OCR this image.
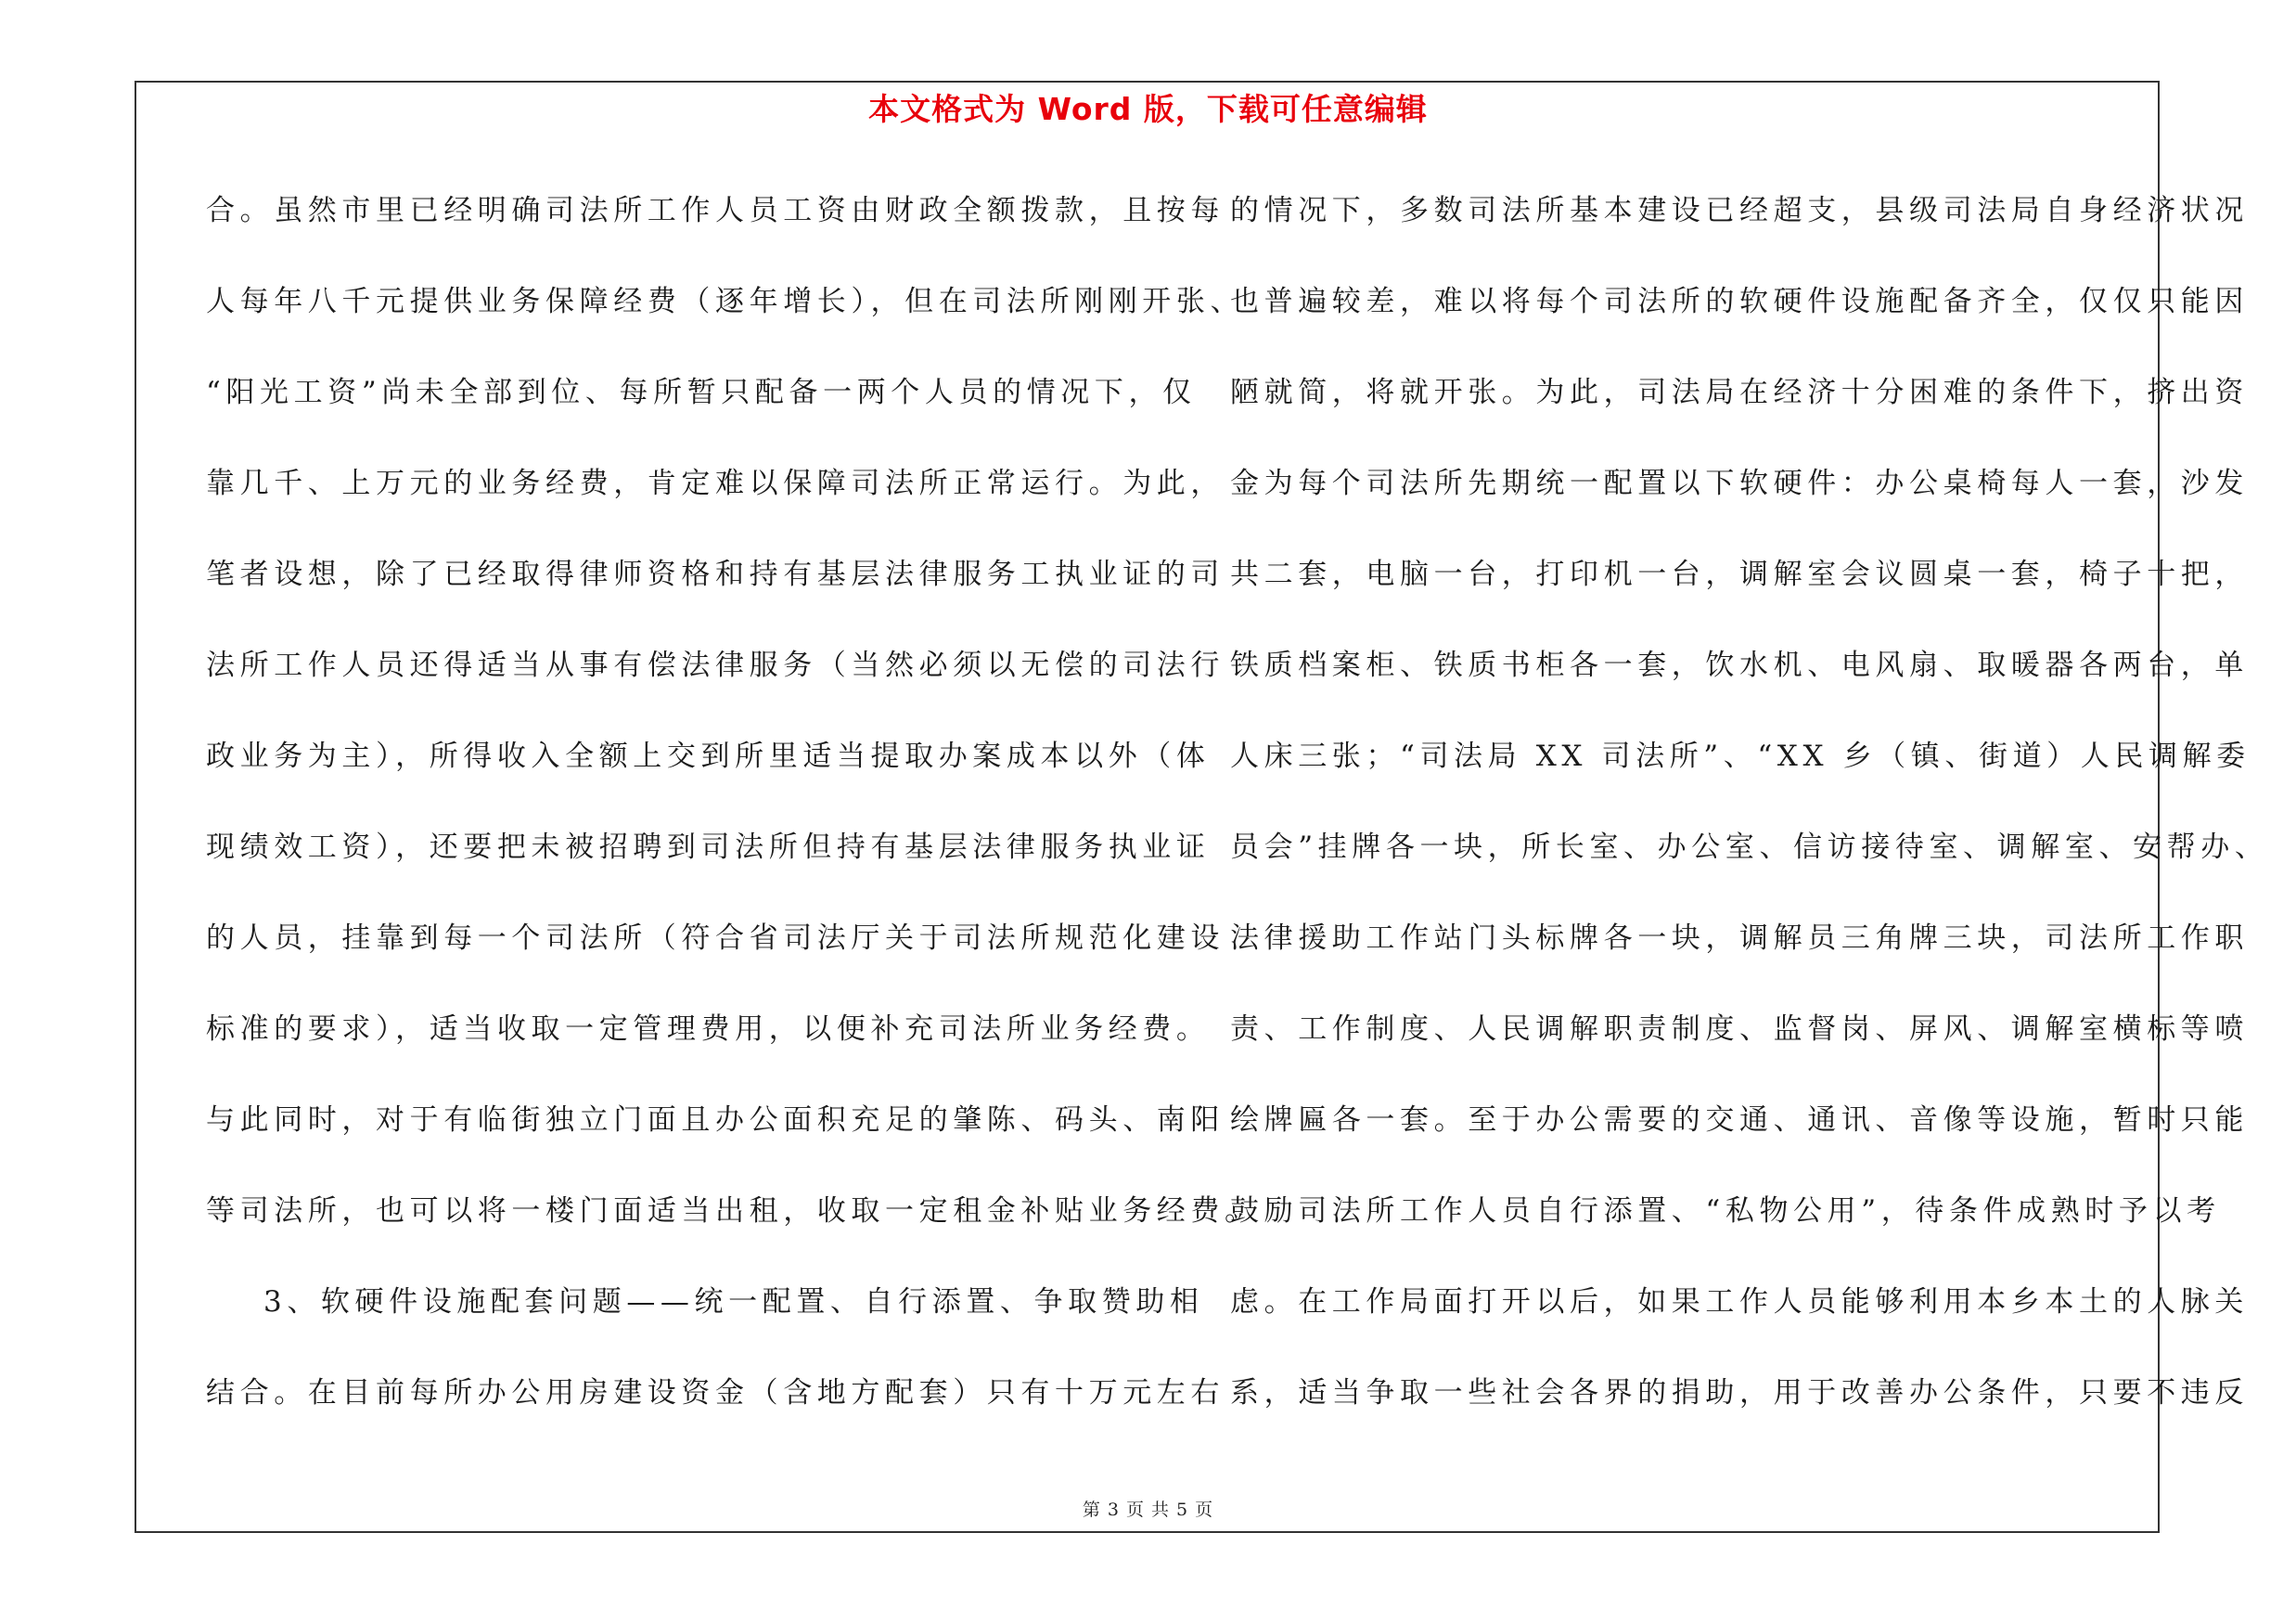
本文格式为 Word 版，下载可任意编辑
合。虽然市里已经明确司法所工作人员工资由财政全额拨款，且按每
人每年八千元提供业务保障经费（逐年增长），但在司法所刚刚开张、
“阳光工资”尚未全部到位、每所暂只配备一两个人员的情况下，仅
靠几千、上万元的业务经费，肯定难以保障司法所正常运行。为此，
笔者设想，除了已经取得律师资格和持有基层法律服务工执业证的司
法所工作人员还得适当从事有偿法律服务（当然必须以无偿的司法行
政业务为主），所得收入全额上交到所里适当提取办案成本以外（体
现绩效工资），还要把未被招聘到司法所但持有基层法律服务执业证
的人员，挂靠到每一个司法所（符合省司法厅关于司法所规范化建设
标准的要求），适当收取一定管理费用，以便补充司法所业务经费。
与此同时，对于有临街独立门面且办公面积充足的肇陈、码头、南阳
等司法所，也可以将一楼门面适当出租，收取一定租金补贴业务经费。
3、软硬件设施配套问题——统一配置、自行添置、争取赞助相
结合。在目前每所办公用房建设资金（含地方配套）只有十万元左右
的情况下，多数司法所基本建设已经超支，县级司法局自身经济状况
也普遍较差，难以将每个司法所的软硬件设施配备齐全，仅仅只能因
陋就简，将就开张。为此，司法局在经济十分困难的条件下，挤出资
金为每个司法所先期统一配置以下软硬件：办公桌椅每人一套，沙发
共二套，电脑一台，打印机一台，调解室会议圆桌一套，椅子十把，
铁质档案柜、铁质书柜各一套，饮水机、电风扇、取暖器各两台，单
人床三张；“司法局 XX 司法所”、“XX 乡（镇、街道）人民调解委
员会”挂牌各一块，所长室、办公室、信访接待室、调解室、安帮办、
法律援助工作站门头标牌各一块，调解员三角牌三块，司法所工作职
责、工作制度、人民调解职责制度、监督岗、屏风、调解室横标等喷
绘牌匾各一套。至于办公需要的交通、通讯、音像等设施，暂时只能
鼓励司法所工作人员自行添置、“私物公用”，待条件成熟时予以考
虑。在工作局面打开以后，如果工作人员能够利用本乡本土的人脉关
系，适当争取一些社会各界的捐助，用于改善办公条件，只要不违反
第 3 页 共 5 页
